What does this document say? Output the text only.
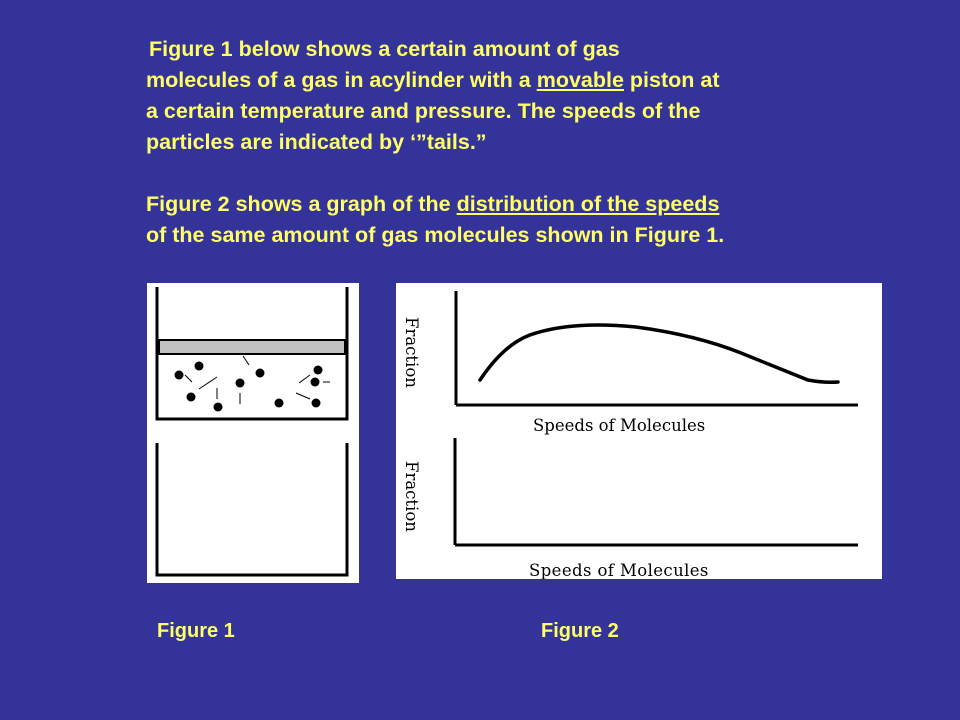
Figure 1 below shows a certain amount of gas
molecules of a gas in acylinder with a movable piston at
a certain temperature and pressure. The speeds of the
particles are indicated by ‘”tails.”

Figure 2 shows a graph of the distribution of the speeds
of the same amount of gas molecules shown in Figure 1.

Fraction
Speeds of Molecules
Fraction
Speeds of Molecules
Figure 1	Figure 2
